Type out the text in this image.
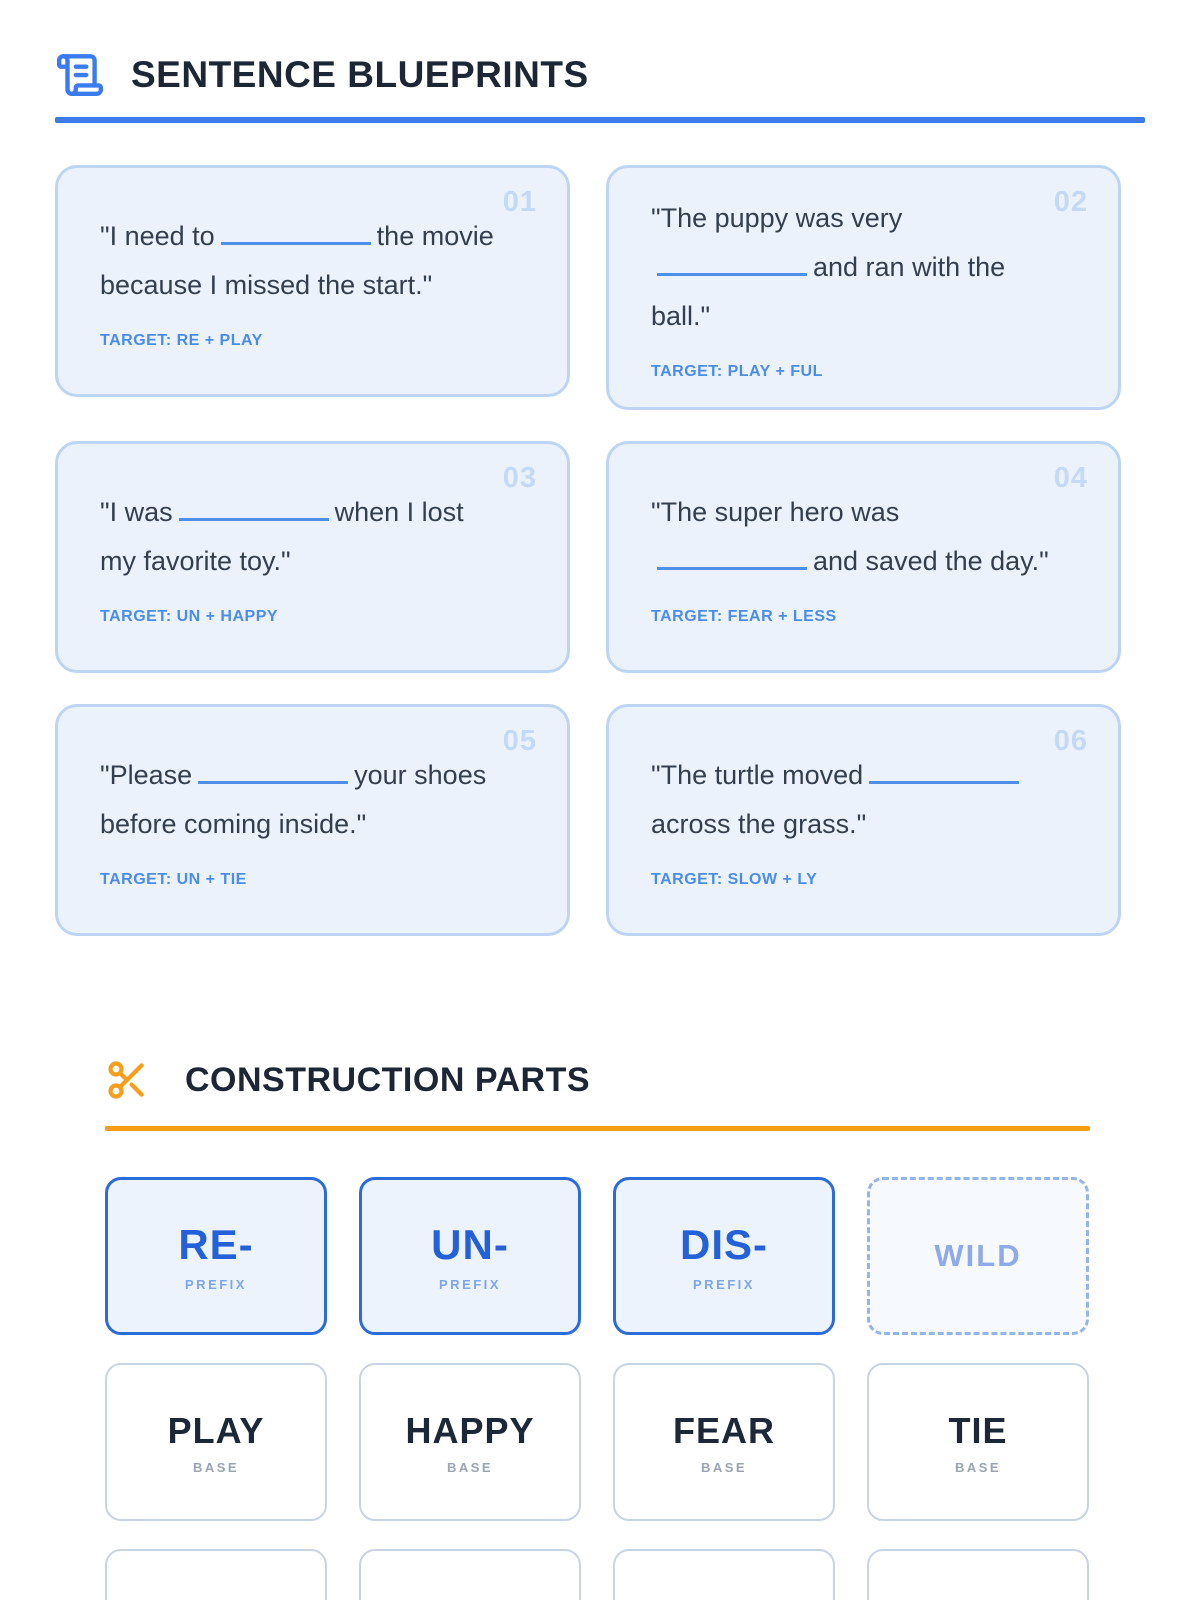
SENTENCE BLUEPRINTS
01

"I need to	the movie because I missed the start."

TARGET: RE + PLAY
02

"The puppy was veryand ran with the ball."

TARGET: PLAY + FUL
03

"I was	when I lost my favorite toy."

TARGET: UN + HAPPY
04

"The super hero wasand saved the day."

TARGET: FEAR + LESS
05

"Please	your shoes before coming inside."

TARGET: UN + TIE
06

"The turtle movedacross the grass."

TARGET: SLOW + LY
CONSTRUCTION PARTS
RE-
PREFIX
UN-
PREFIX
DIS-
PREFIX
WILD
PLAY
BASE
HAPPY
BASE
FEAR
BASE
TIE
BASE
